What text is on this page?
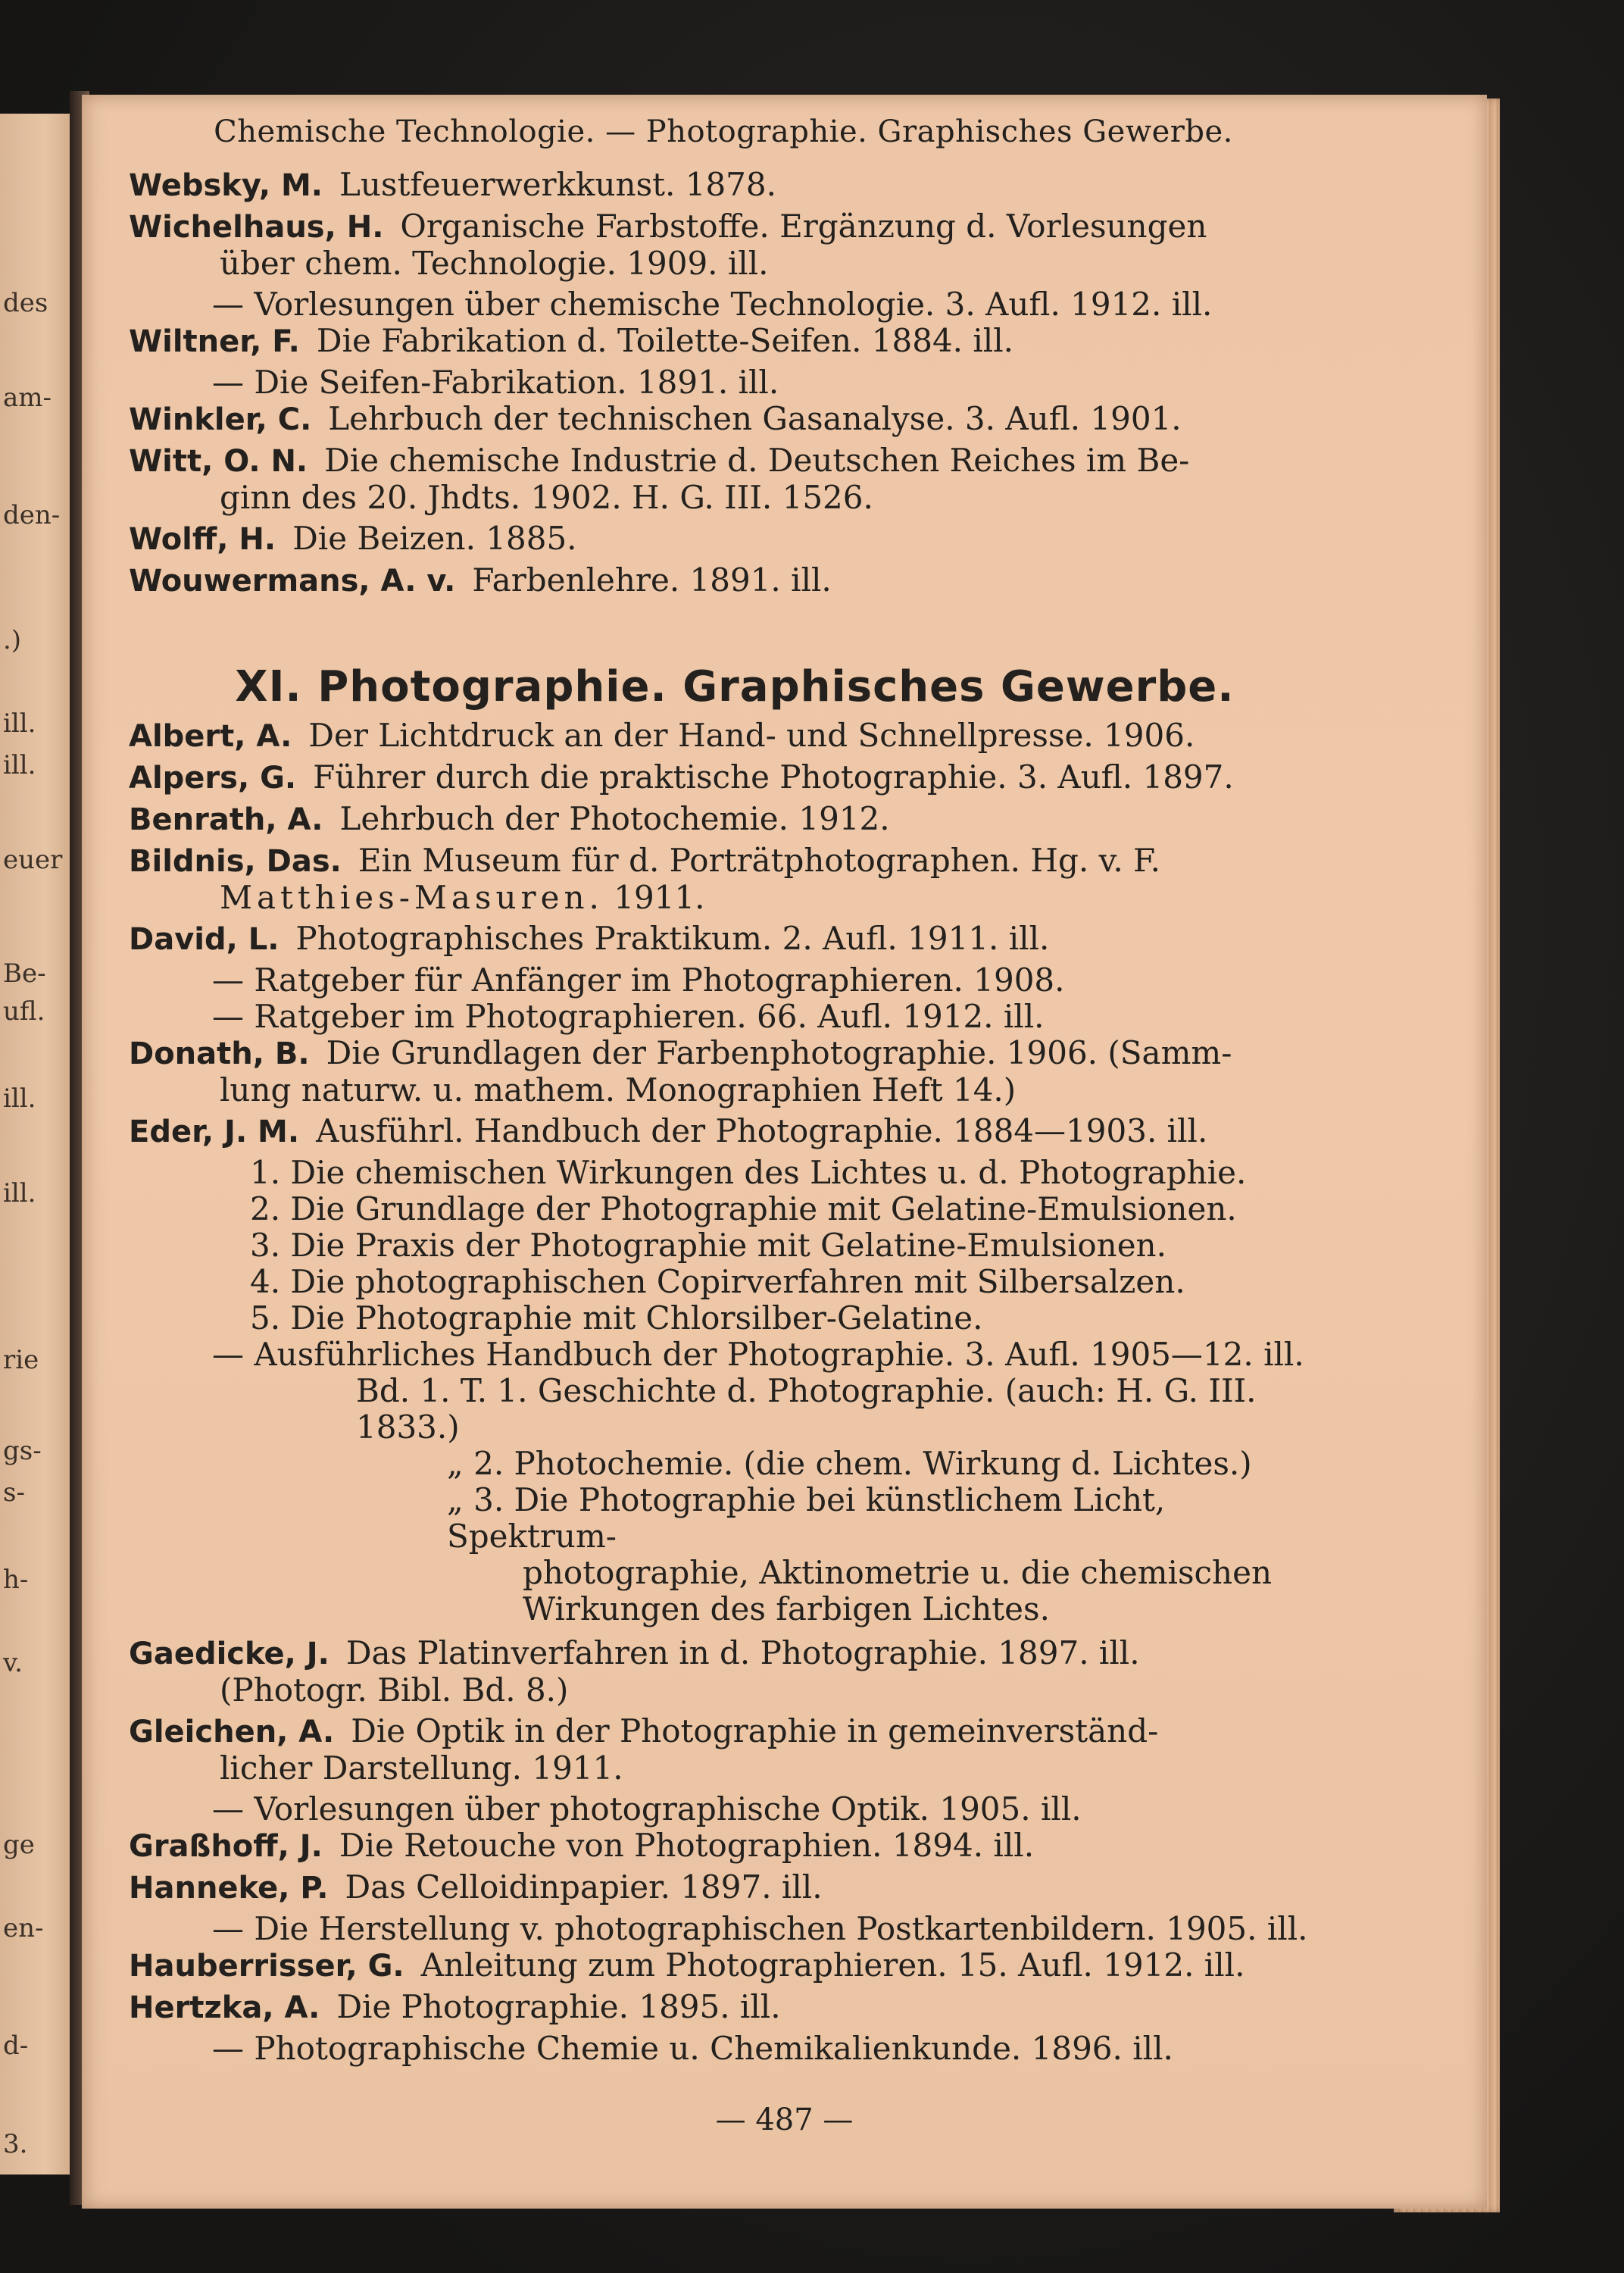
des
am-
den-
.)
ill.
ill.
euer
Be-
ufl.
ill.
ill.
rie
gs-
s-
h-
v.
ge
en-
d-
3.
Chemische Technologie. — Photographie. Graphisches Gewerbe.
Websky, M. Lustfeuerwerkkunst. 1878.
Wichelhaus, H. Organische Farbstoffe. Ergänzung d. Vorlesungen
über chem. Technologie. 1909. ill.
— Vorlesungen über chemische Technologie. 3. Aufl. 1912. ill.
Wiltner, F. Die Fabrikation d. Toilette-Seifen. 1884. ill.
— Die Seifen-Fabrikation. 1891. ill.
Winkler, C. Lehrbuch der technischen Gasanalyse. 3. Aufl. 1901.
Witt, O. N. Die chemische Industrie d. Deutschen Reiches im Be-
ginn des 20. Jhdts. 1902. H. G. III. 1526.
Wolff, H. Die Beizen. 1885.
Wouwermans, A. v. Farbenlehre. 1891. ill.
XI. Photographie. Graphisches Gewerbe.
Albert, A. Der Lichtdruck an der Hand- und Schnellpresse. 1906.
Alpers, G. Führer durch die praktische Photographie. 3. Aufl. 1897.
Benrath, A. Lehrbuch der Photochemie. 1912.
Bildnis, Das. Ein Museum für d. Porträtphotographen. Hg. v. F.
Matthies-Masuren. 1911.
David, L. Photographisches Praktikum. 2. Aufl. 1911. ill.
— Ratgeber für Anfänger im Photographieren. 1908.
— Ratgeber im Photographieren. 66. Aufl. 1912. ill.
Donath, B. Die Grundlagen der Farbenphotographie. 1906. (Samm-
lung naturw. u. mathem. Monographien Heft 14.)
Eder, J. M. Ausführl. Handbuch der Photographie. 1884—1903. ill.
1. Die chemischen Wirkungen des Lichtes u. d. Photographie.
2. Die Grundlage der Photographie mit Gelatine-Emulsionen.
3. Die Praxis der Photographie mit Gelatine-Emulsionen.
4. Die photographischen Copirverfahren mit Silbersalzen.
5. Die Photographie mit Chlorsilber-Gelatine.
— Ausführliches Handbuch der Photographie. 3. Aufl. 1905—12. ill.
Bd. 1. T. 1. Geschichte d. Photographie. (auch: H. G. III. 1833.)
„ 2. Photochemie. (die chem. Wirkung d. Lichtes.)
„ 3. Die Photographie bei künstlichem Licht, Spektrum-
photographie, Aktinometrie u. die chemischen
Wirkungen des farbigen Lichtes.
Gaedicke, J. Das Platinverfahren in d. Photographie. 1897. ill.
(Photogr. Bibl. Bd. 8.)
Gleichen, A. Die Optik in der Photographie in gemeinverständ-
licher Darstellung. 1911.
— Vorlesungen über photographische Optik. 1905. ill.
Graßhoff, J. Die Retouche von Photographien. 1894. ill.
Hanneke, P. Das Celloidinpapier. 1897. ill.
— Die Herstellung v. photographischen Postkartenbildern. 1905. ill.
Hauberrisser, G. Anleitung zum Photographieren. 15. Aufl. 1912. ill.
Hertzka, A. Die Photographie. 1895. ill.
— Photographische Chemie u. Chemikalienkunde. 1896. ill.
— 487 —
